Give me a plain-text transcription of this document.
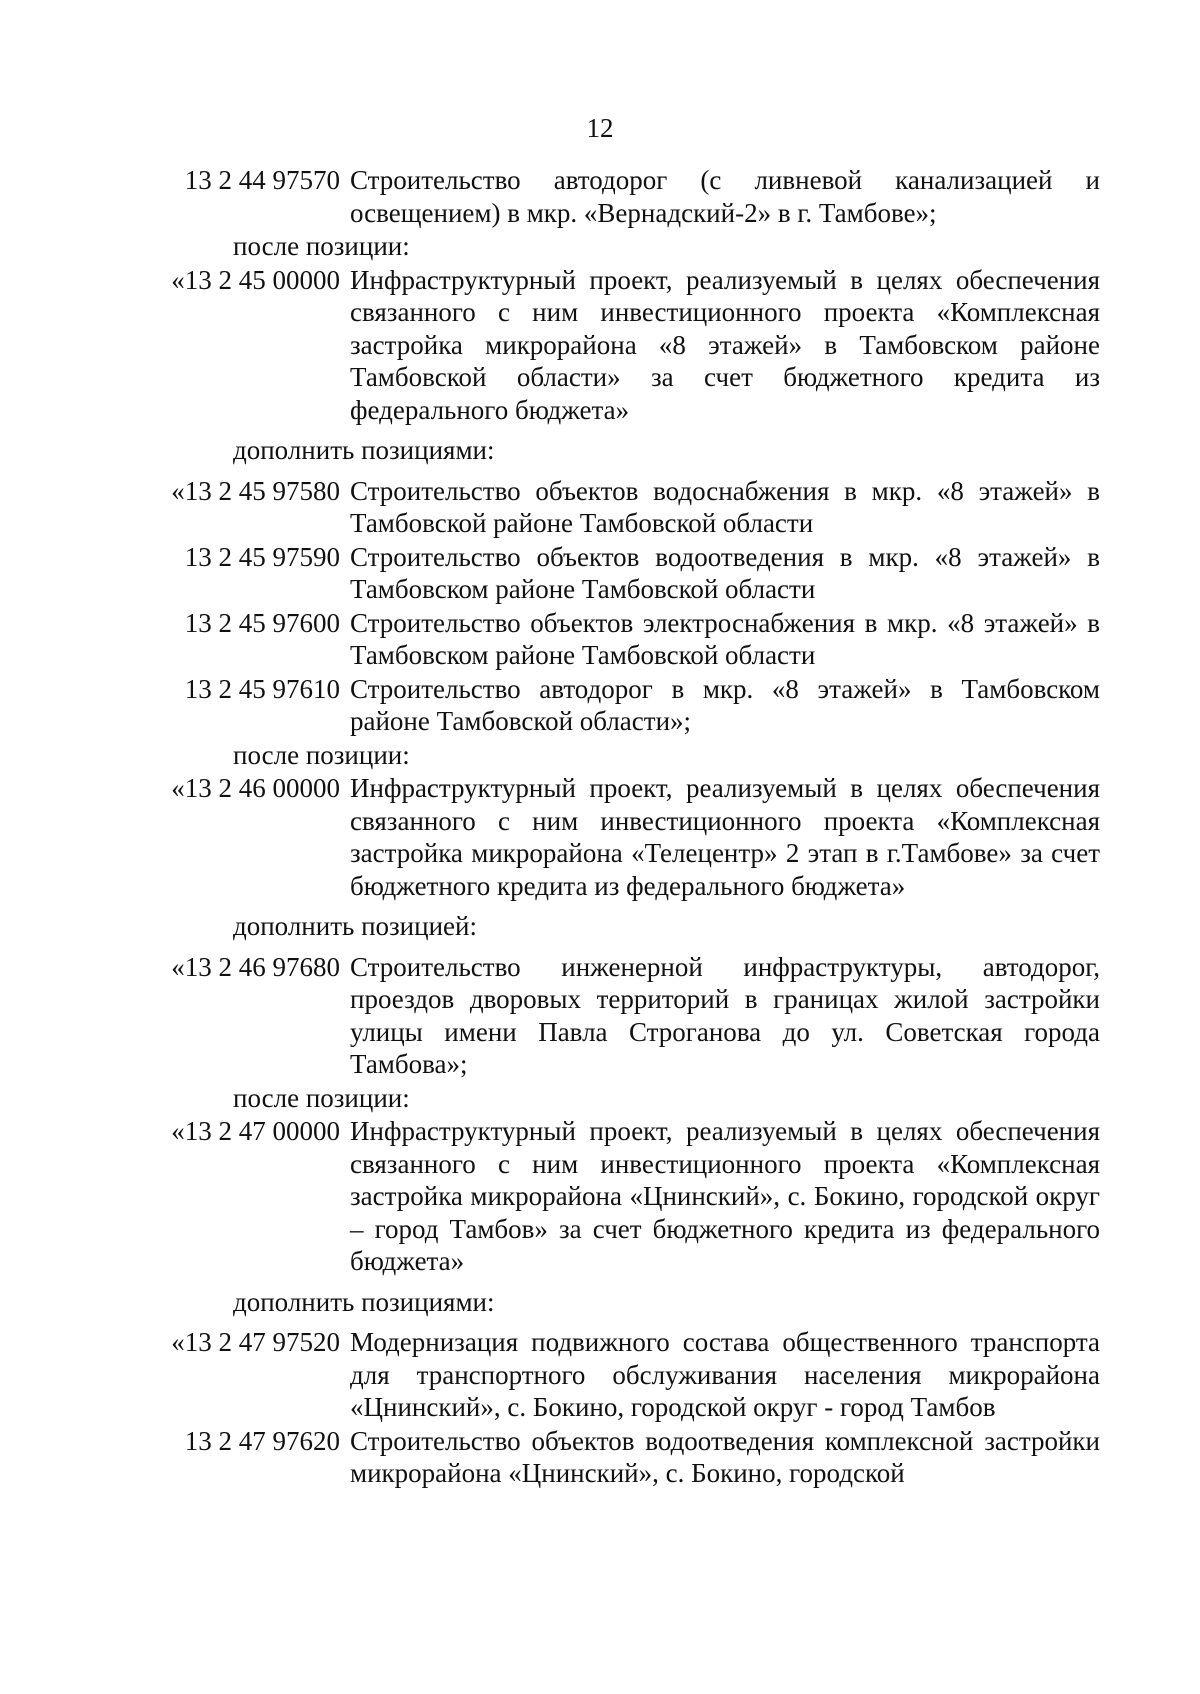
12
13 2 44 97570 Строительство автодорог (с ливневой канализацией и освещением) в мкр. «Вернадский-2» в г. Тамбове»;
после позиции:
«13 2 45 00000 Инфраструктурный проект, реализуемый в целях обеспечения связанного с ним инвестиционного проекта «Комплексная застройка микрорайона «8 этажей» в Тамбовском районе Тамбовской области» за счет бюджетного кредита из федерального бюджета»
дополнить позициями:
«13 2 45 97580 Строительство объектов водоснабжения в мкр. «8 этажей» в Тамбовской районе Тамбовской области
13 2 45 97590 Строительство объектов водоотведения в мкр. «8 этажей» в Тамбовском районе Тамбовской области
13 2 45 97600 Строительство объектов электроснабжения в мкр. «8 этажей» в Тамбовском районе Тамбовской области
13 2 45 97610 Строительство автодорог в мкр. «8 этажей» в Тамбовском районе Тамбовской области»;
после позиции:
«13 2 46 00000 Инфраструктурный проект, реализуемый в целях обеспечения связанного с ним инвестиционного проекта «Комплексная застройка микрорайона «Телецентр» 2 этап в г.Тамбове» за счет бюджетного кредита из федерального бюджета»
дополнить позицией:
«13 2 46 97680 Строительство инженерной инфраструктуры, автодорог, проездов дворовых территорий в границах жилой застройки улицы имени Павла Строганова до ул. Советская города Тамбова»;
после позиции:
«13 2 47 00000 Инфраструктурный проект, реализуемый в целях обеспечения связанного с ним инвестиционного проекта «Комплексная застройка микрорайона «Цнинский», с. Бокино, городской округ – город Тамбов» за счет бюджетного кредита из федерального бюджета»
дополнить позициями:
«13 2 47 97520 Модернизация подвижного состава общественного транспорта для транспортного обслуживания населения микрорайона «Цнинский», с. Бокино, городской округ - город Тамбов
13 2 47 97620 Строительство объектов водоотведения комплексной застройки микрорайона «Цнинский», с. Бокино, городской
